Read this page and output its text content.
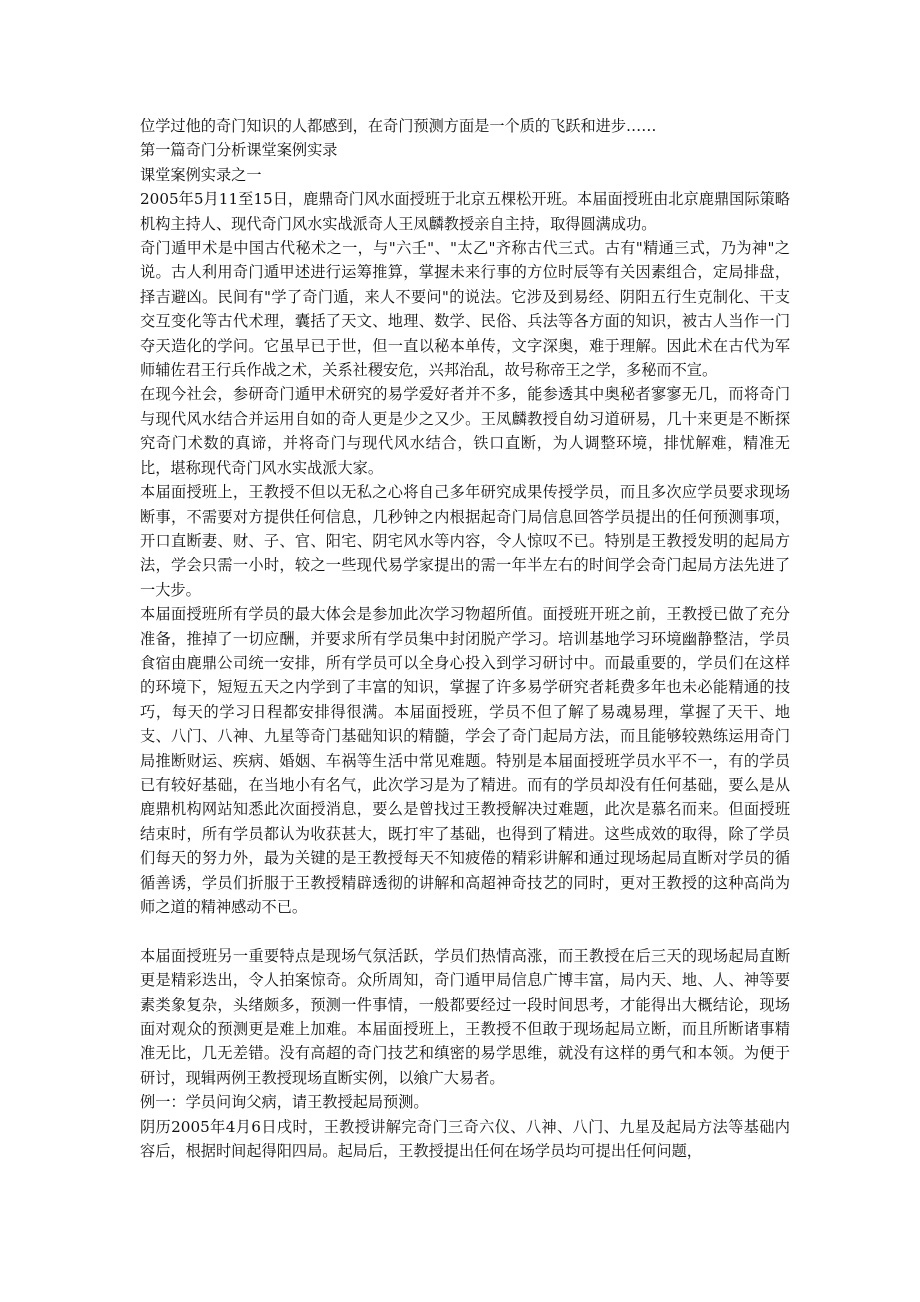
位学过他的奇门知识的人都感到，在奇门预测方面是一个质的飞跃和进步……

第一篇奇门分析课堂案例实录

课堂案例实录之一

2005年5月11至15日，鹿鼎奇门风水面授班于北京五棵松开班。本届面授班由北京鹿鼎国际策略机构主持人、现代奇门风水实战派奇人王凤麟教授亲自主持，取得圆满成功。

奇门遁甲术是中国古代秘术之一，与"六壬"、"太乙"齐称古代三式。古有"精通三式，乃为神"之说。古人利用奇门遁甲述进行运筹推算，掌握未来行事的方位时辰等有关因素组合，定局排盘，择吉避凶。民间有"学了奇门遁，来人不要问"的说法。它涉及到易经、阴阳五行生克制化、干支交互变化等古代术理，囊括了天文、地理、数学、民俗、兵法等各方面的知识，被古人当作一门夺天造化的学问。它虽早已于世，但一直以秘本单传，文字深奥，难于理解。因此术在古代为军师辅佐君王行兵作战之术，关系社稷安危，兴邦治乱，故号称帝王之学，多秘而不宣。

在现今社会，参研奇门遁甲术研究的易学爱好者并不多，能参透其中奥秘者寥寥无几，而将奇门与现代风水结合并运用自如的奇人更是少之又少。王凤麟教授自幼习道研易，几十来更是不断探究奇门术数的真谛，并将奇门与现代风水结合，铁口直断，为人调整环境，排忧解难，精准无比，堪称现代奇门风水实战派大家。

本届面授班上，王教授不但以无私之心将自己多年研究成果传授学员，而且多次应学员要求现场断事，不需要对方提供任何信息，几秒钟之内根据起奇门局信息回答学员提出的任何预测事项，开口直断妻、财、子、官、阳宅、阴宅风水等内容，令人惊叹不已。特别是王教授发明的起局方法，学会只需一小时，较之一些现代易学家提出的需一年半左右的时间学会奇门起局方法先进了一大步。

本届面授班所有学员的最大体会是参加此次学习物超所值。面授班开班之前，王教授已做了充分准备，推掉了一切应酬，并要求所有学员集中封闭脱产学习。培训基地学习环境幽静整洁，学员食宿由鹿鼎公司统一安排，所有学员可以全身心投入到学习研讨中。而最重要的，学员们在这样的环境下，短短五天之内学到了丰富的知识，掌握了许多易学研究者耗费多年也未必能精通的技巧，每天的学习日程都安排得很满。本届面授班，学员不但了解了易魂易理，掌握了天干、地支、八门、八神、九星等奇门基础知识的精髓，学会了奇门起局方法，而且能够较熟练运用奇门局推断财运、疾病、婚姻、车祸等生活中常见难题。特别是本届面授班学员水平不一，有的学员已有较好基础，在当地小有名气，此次学习是为了精进。而有的学员却没有任何基础，要么是从鹿鼎机构网站知悉此次面授消息，要么是曾找过王教授解决过难题，此次是慕名而来。但面授班结束时，所有学员都认为收获甚大，既打牢了基础，也得到了精进。这些成效的取得，除了学员们每天的努力外，最为关键的是王教授每天不知疲倦的精彩讲解和通过现场起局直断对学员的循循善诱，学员们折服于王教授精辟透彻的讲解和高超神奇技艺的同时，更对王教授的这种高尚为师之道的精神感动不已。

本届面授班另一重要特点是现场气氛活跃，学员们热情高涨，而王教授在后三天的现场起局直断更是精彩迭出，令人拍案惊奇。众所周知，奇门遁甲局信息广博丰富，局内天、地、人、神等要素类象复杂，头绪颇多，预测一件事情，一般都要经过一段时间思考，才能得出大概结论，现场面对观众的预测更是难上加难。本届面授班上，王教授不但敢于现场起局立断，而且所断诸事精准无比，几无差错。没有高超的奇门技艺和缜密的易学思维，就没有这样的勇气和本领。为便于研讨，现辑两例王教授现场直断实例，以飨广大易者。

例一：学员问询父病，请王教授起局预测。

阴历2005年4月6日戌时，王教授讲解完奇门三奇六仪、八神、八门、九星及起局方法等基础内容后，根据时间起得阳四局。起局后，王教授提出任何在场学员均可提出任何问题，
